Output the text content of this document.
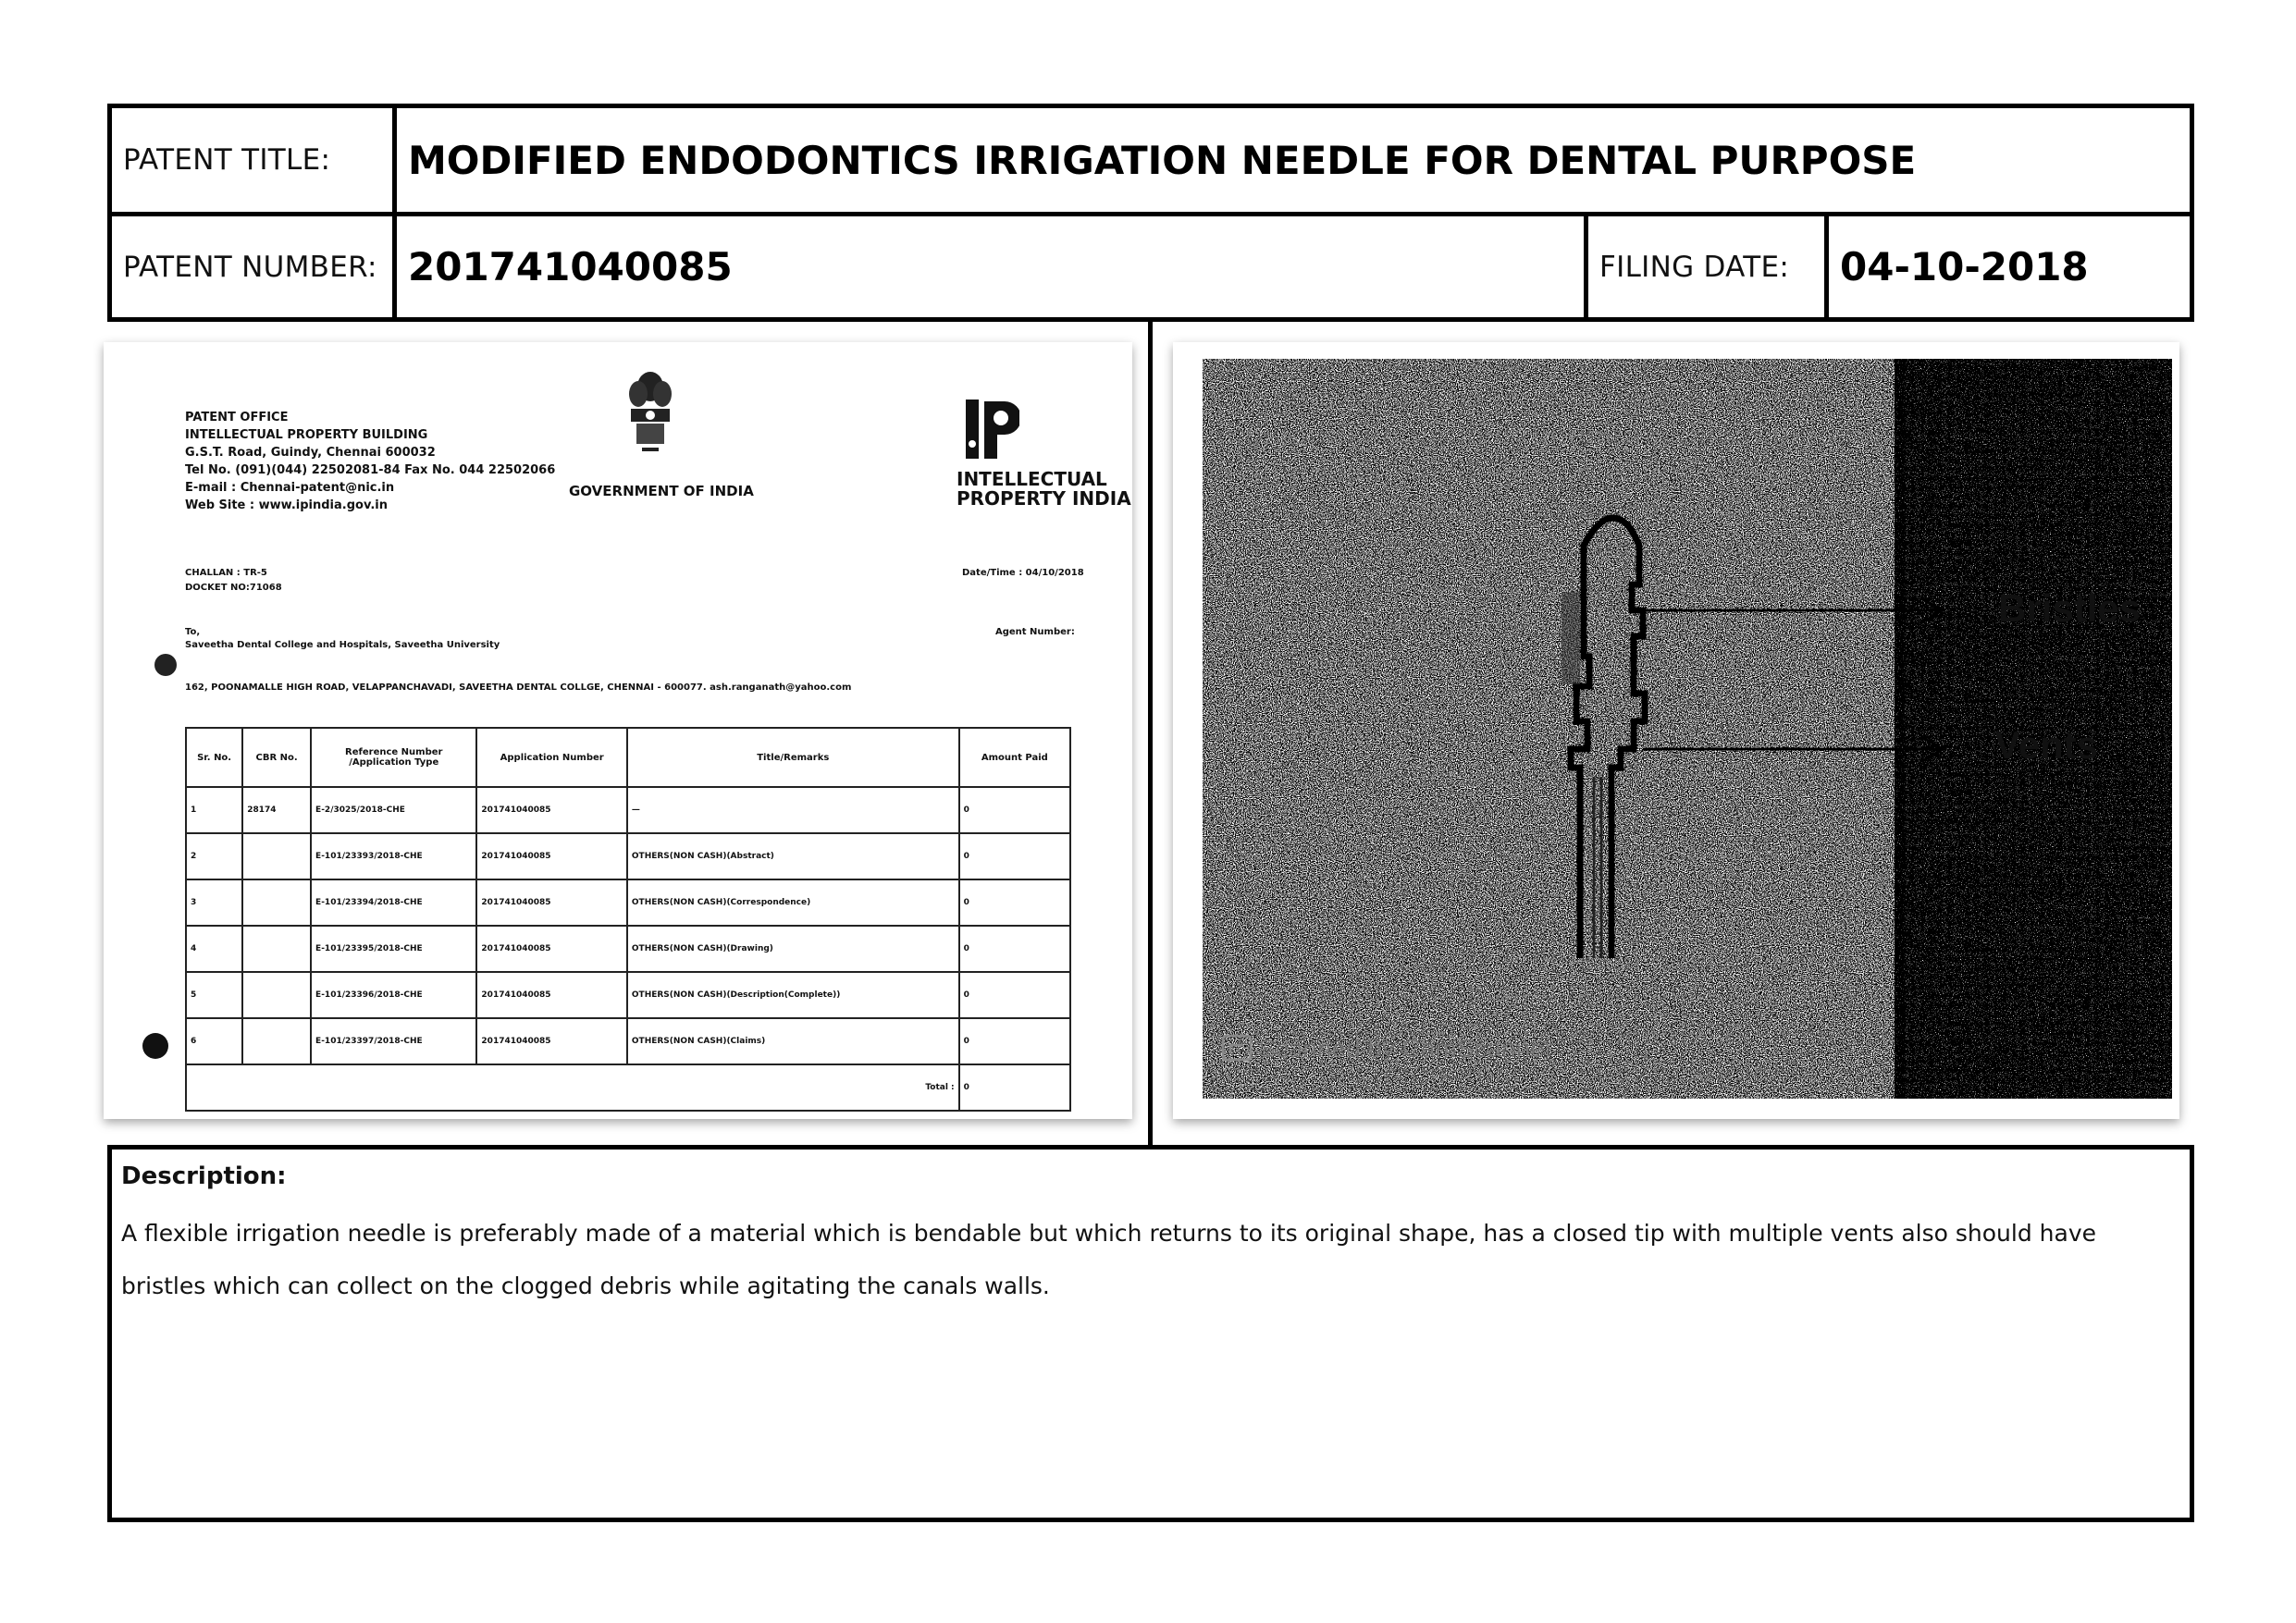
PATENT TITLE: MODIFIED ENDODONTICS IRRIGATION NEEDLE FOR DENTAL PURPOSE
PATENT NUMBER: 201741040085	FILING DATE: 04-10-2018
PATENT OFFICE
INTELLECTUAL PROPERTY BUILDING
G.S.T. Road, Guindy, Chennai 600032
Tel No. (091)(044) 22502081-84 Fax No. 044 22502066
E-mail : Chennai-patent@nic.in
Web Site : www.ipindia.gov.in
GOVERNMENT OF INDIA
INTELLECTUAL
PROPERTY INDIA
CHALLAN : TR-5
DOCKET NO:71068
Date/Time : 04/10/2018
To,	Agent Number:
Saveetha Dental College and Hospitals, Saveetha University
162, POONAMALLE HIGH ROAD, VELAPPANCHAVADI, SAVEETHA DENTAL COLLGE, CHENNAI - 600077. ash.ranganath@yahoo.com
Sr. No.	CBR No.	Reference Number /Application Type	Application Number	Title/Remarks	Amount Paid
1	28174	E-2/3025/2018-CHE	201741040085	—	0
2		E-101/23393/2018-CHE	201741040085	OTHERS(NON CASH)(Abstract)	0
3		E-101/23394/2018-CHE	201741040085	OTHERS(NON CASH)(Correspondence)	0
4		E-101/23395/2018-CHE	201741040085	OTHERS(NON CASH)(Drawing)	0
5		E-101/23396/2018-CHE	201741040085	OTHERS(NON CASH)(Description(Complete))	0
6		E-101/23397/2018-CHE	201741040085	OTHERS(NON CASH)(Claims)	0
Total :					0
Bristles
Vents
Scanned by CamScanner

Description:

A flexible irrigation needle is preferably made of a material which is bendable but which returns to its original shape, has a closed tip with multiple vents also should have bristles which can collect on the clogged debris while agitating the canals walls.
